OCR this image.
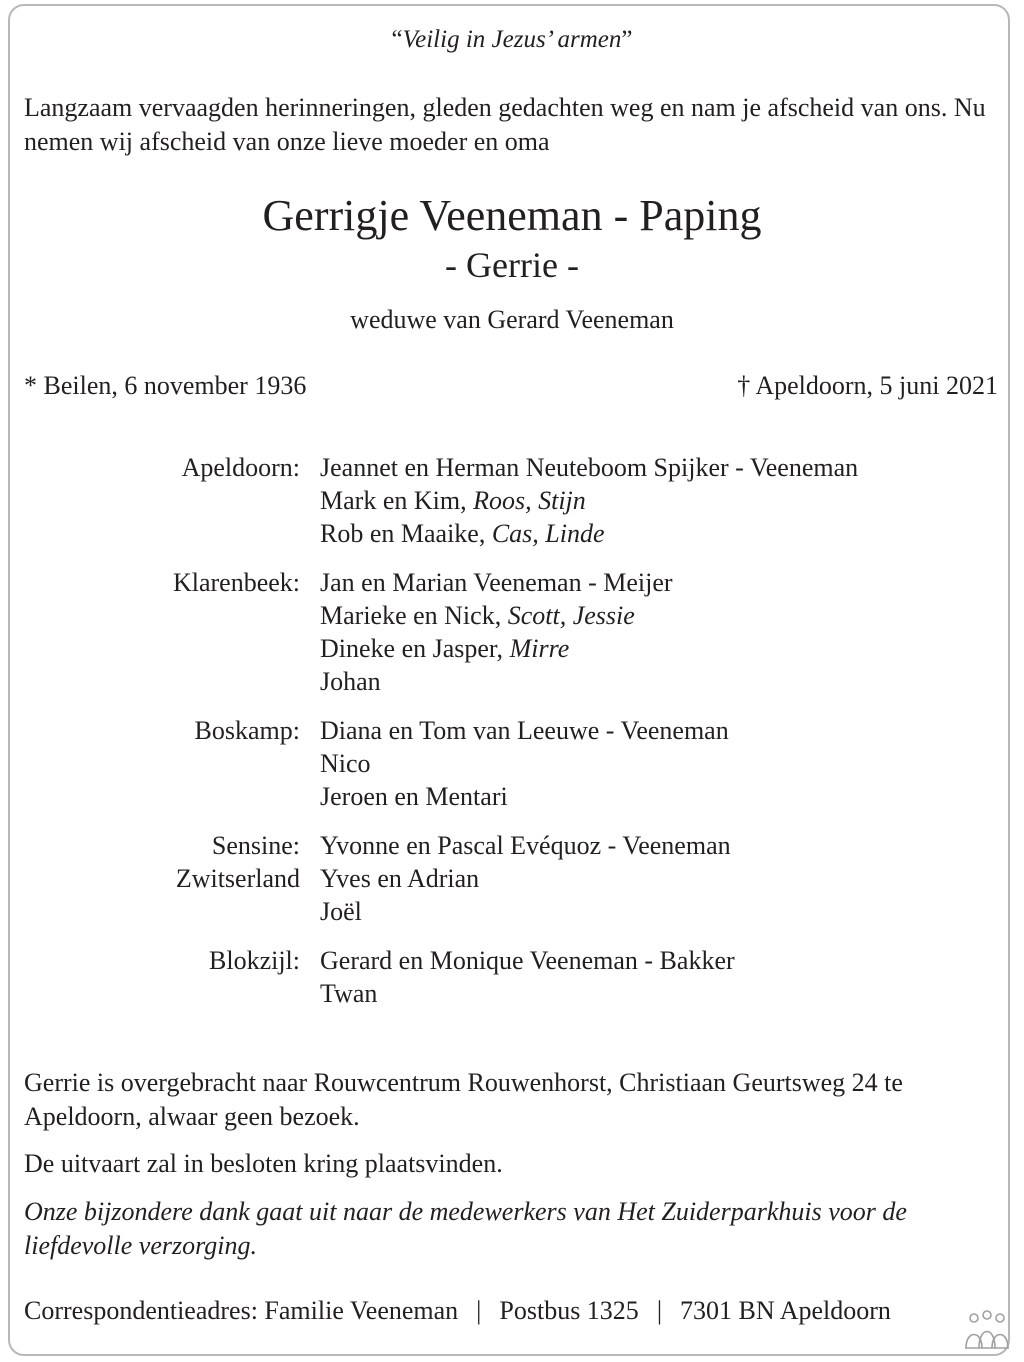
“Veilig in Jezus’ armen”
Langzaam vervaagden herinneringen, gleden gedachten weg en nam je afscheid van ons. Nu nemen wij afscheid van onze lieve moeder en oma
Gerrigje Veeneman - Paping
- Gerrie -
weduwe van Gerard Veeneman
* Beilen, 6 november 1936	† Apeldoorn, 5 juni 2021
Apeldoorn: Jeannet en Herman Neuteboom Spijker - Veeneman
Mark en Kim, Roos, Stijn
Rob en Maaike, Cas, Linde
Klarenbeek: Jan en Marian Veeneman - Meijer
Marieke en Nick, Scott, Jessie
Dineke en Jasper, Mirre
Johan
Boskamp: Diana en Tom van Leeuwe - Veeneman
Nico
Jeroen en Mentari
Sensine:
Zwitserland
Yvonne en Pascal Evéquoz - Veeneman
Yves en Adrian
Joël
Blokzijl: Gerard en Monique Veeneman - Bakker
Twan
Gerrie is overgebracht naar Rouwcentrum Rouwenhorst, Christiaan Geurtsweg 24 te Apeldoorn, alwaar geen bezoek.
De uitvaart zal in besloten kring plaatsvinden.
Onze bijzondere dank gaat uit naar de medewerkers van Het Zuiderparkhuis voor de liefdevolle verzorging.
Correspondentieadres: Familie Veeneman | Postbus 1325 | 7301 BN Apeldoorn
